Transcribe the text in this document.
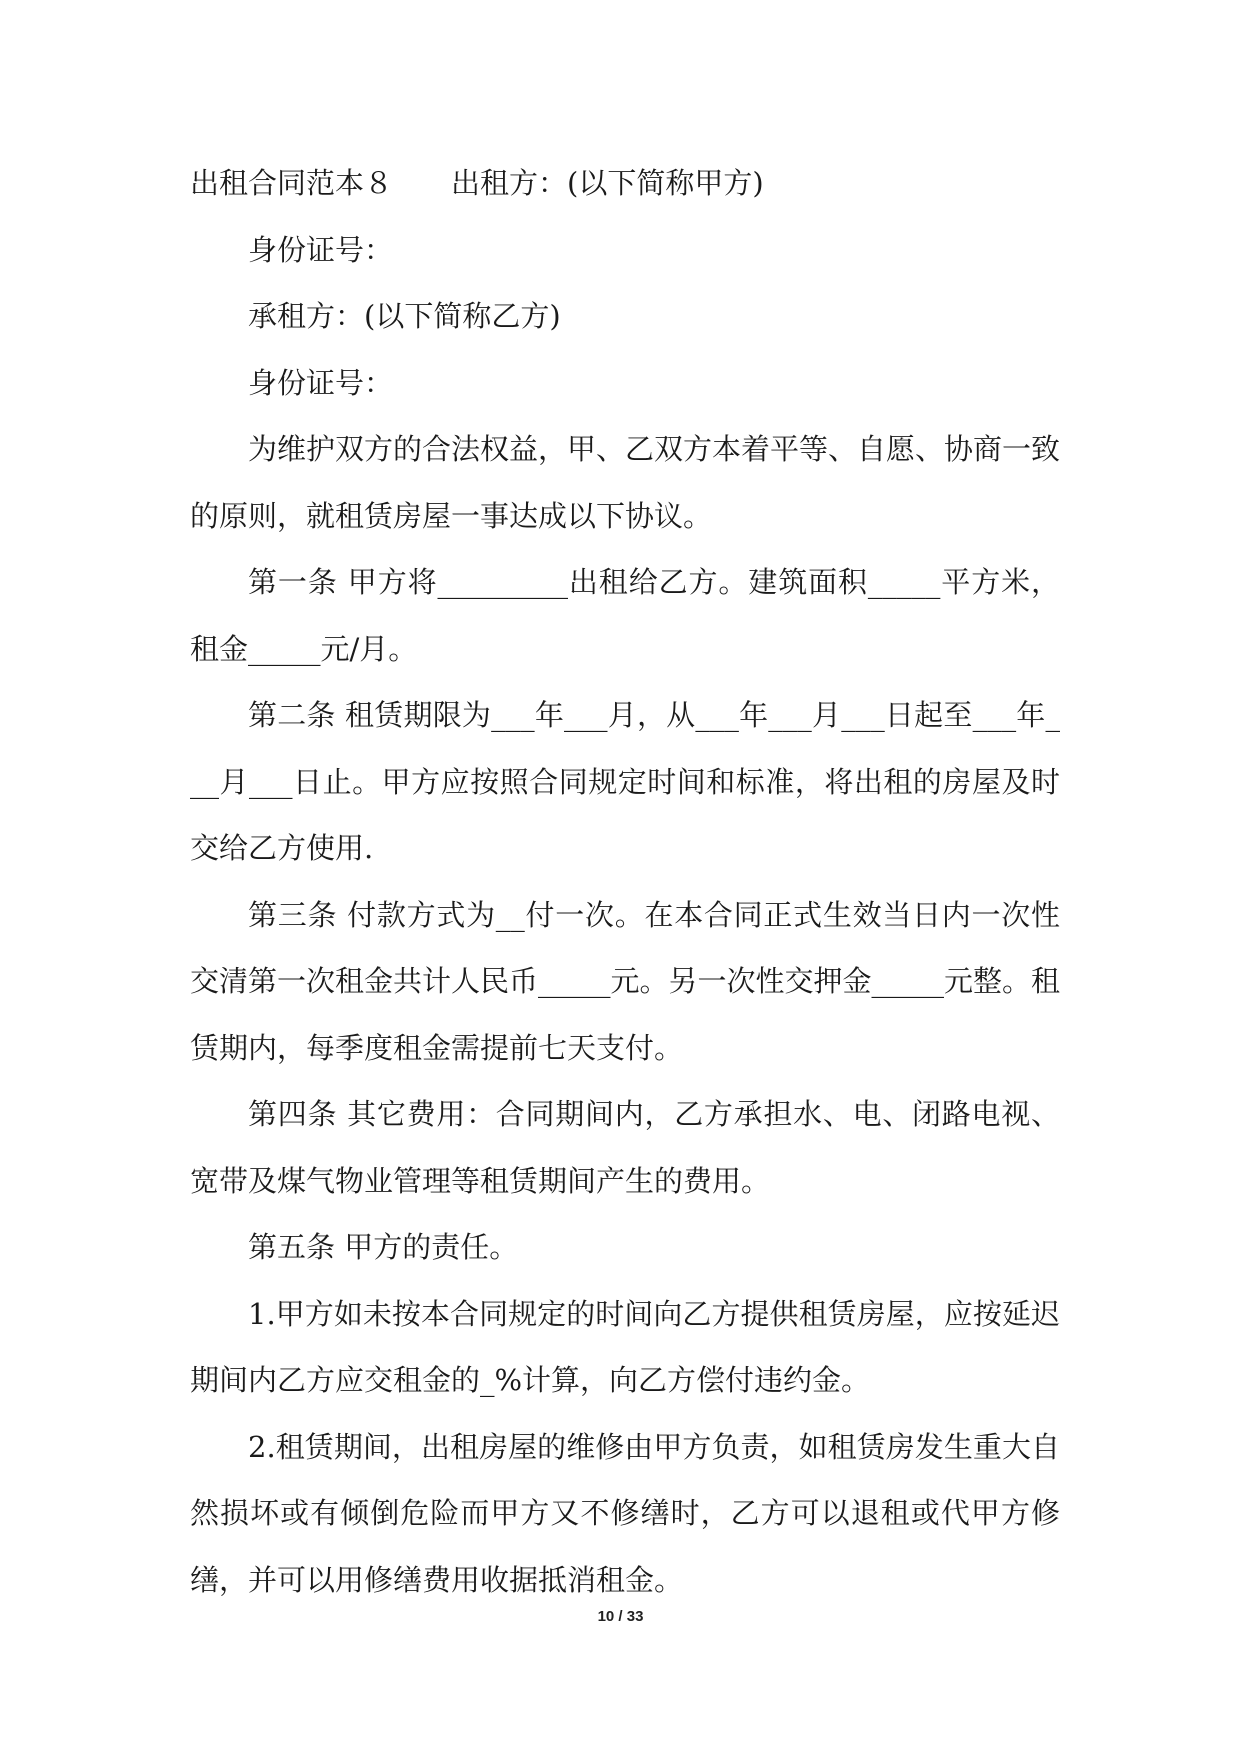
出租合同范本８　　出租方：(以下简称甲方)

身份证号：

承租方：(以下简称乙方)

身份证号：

为维护双方的合法权益，甲、乙双方本着平等、自愿、协商一致的原则，就租赁房屋一事达成以下协议。

第一条 甲方将_________出租给乙方。建筑面积_____平方米，租金_____元/月。

第二条 租赁期限为___年___月，从___年___月___日起至___年___月___日止。甲方应按照合同规定时间和标准，将出租的房屋及时交给乙方使用.

第三条 付款方式为__付一次。在本合同正式生效当日内一次性交清第一次租金共计人民币_____元。另一次性交押金_____元整。租赁期内，每季度租金需提前七天支付。

第四条 其它费用：合同期间内，乙方承担水、电、闭路电视、宽带及煤气物业管理等租赁期间产生的费用。

第五条 甲方的责任。

1.甲方如未按本合同规定的时间向乙方提供租赁房屋，应按延迟期间内乙方应交租金的_%计算，向乙方偿付违约金。

2.租赁期间，出租房屋的维修由甲方负责，如租赁房发生重大自然损坏或有倾倒危险而甲方又不修缮时，乙方可以退租或代甲方修缮，并可以用修缮费用收据抵消租金。

10 / 33
